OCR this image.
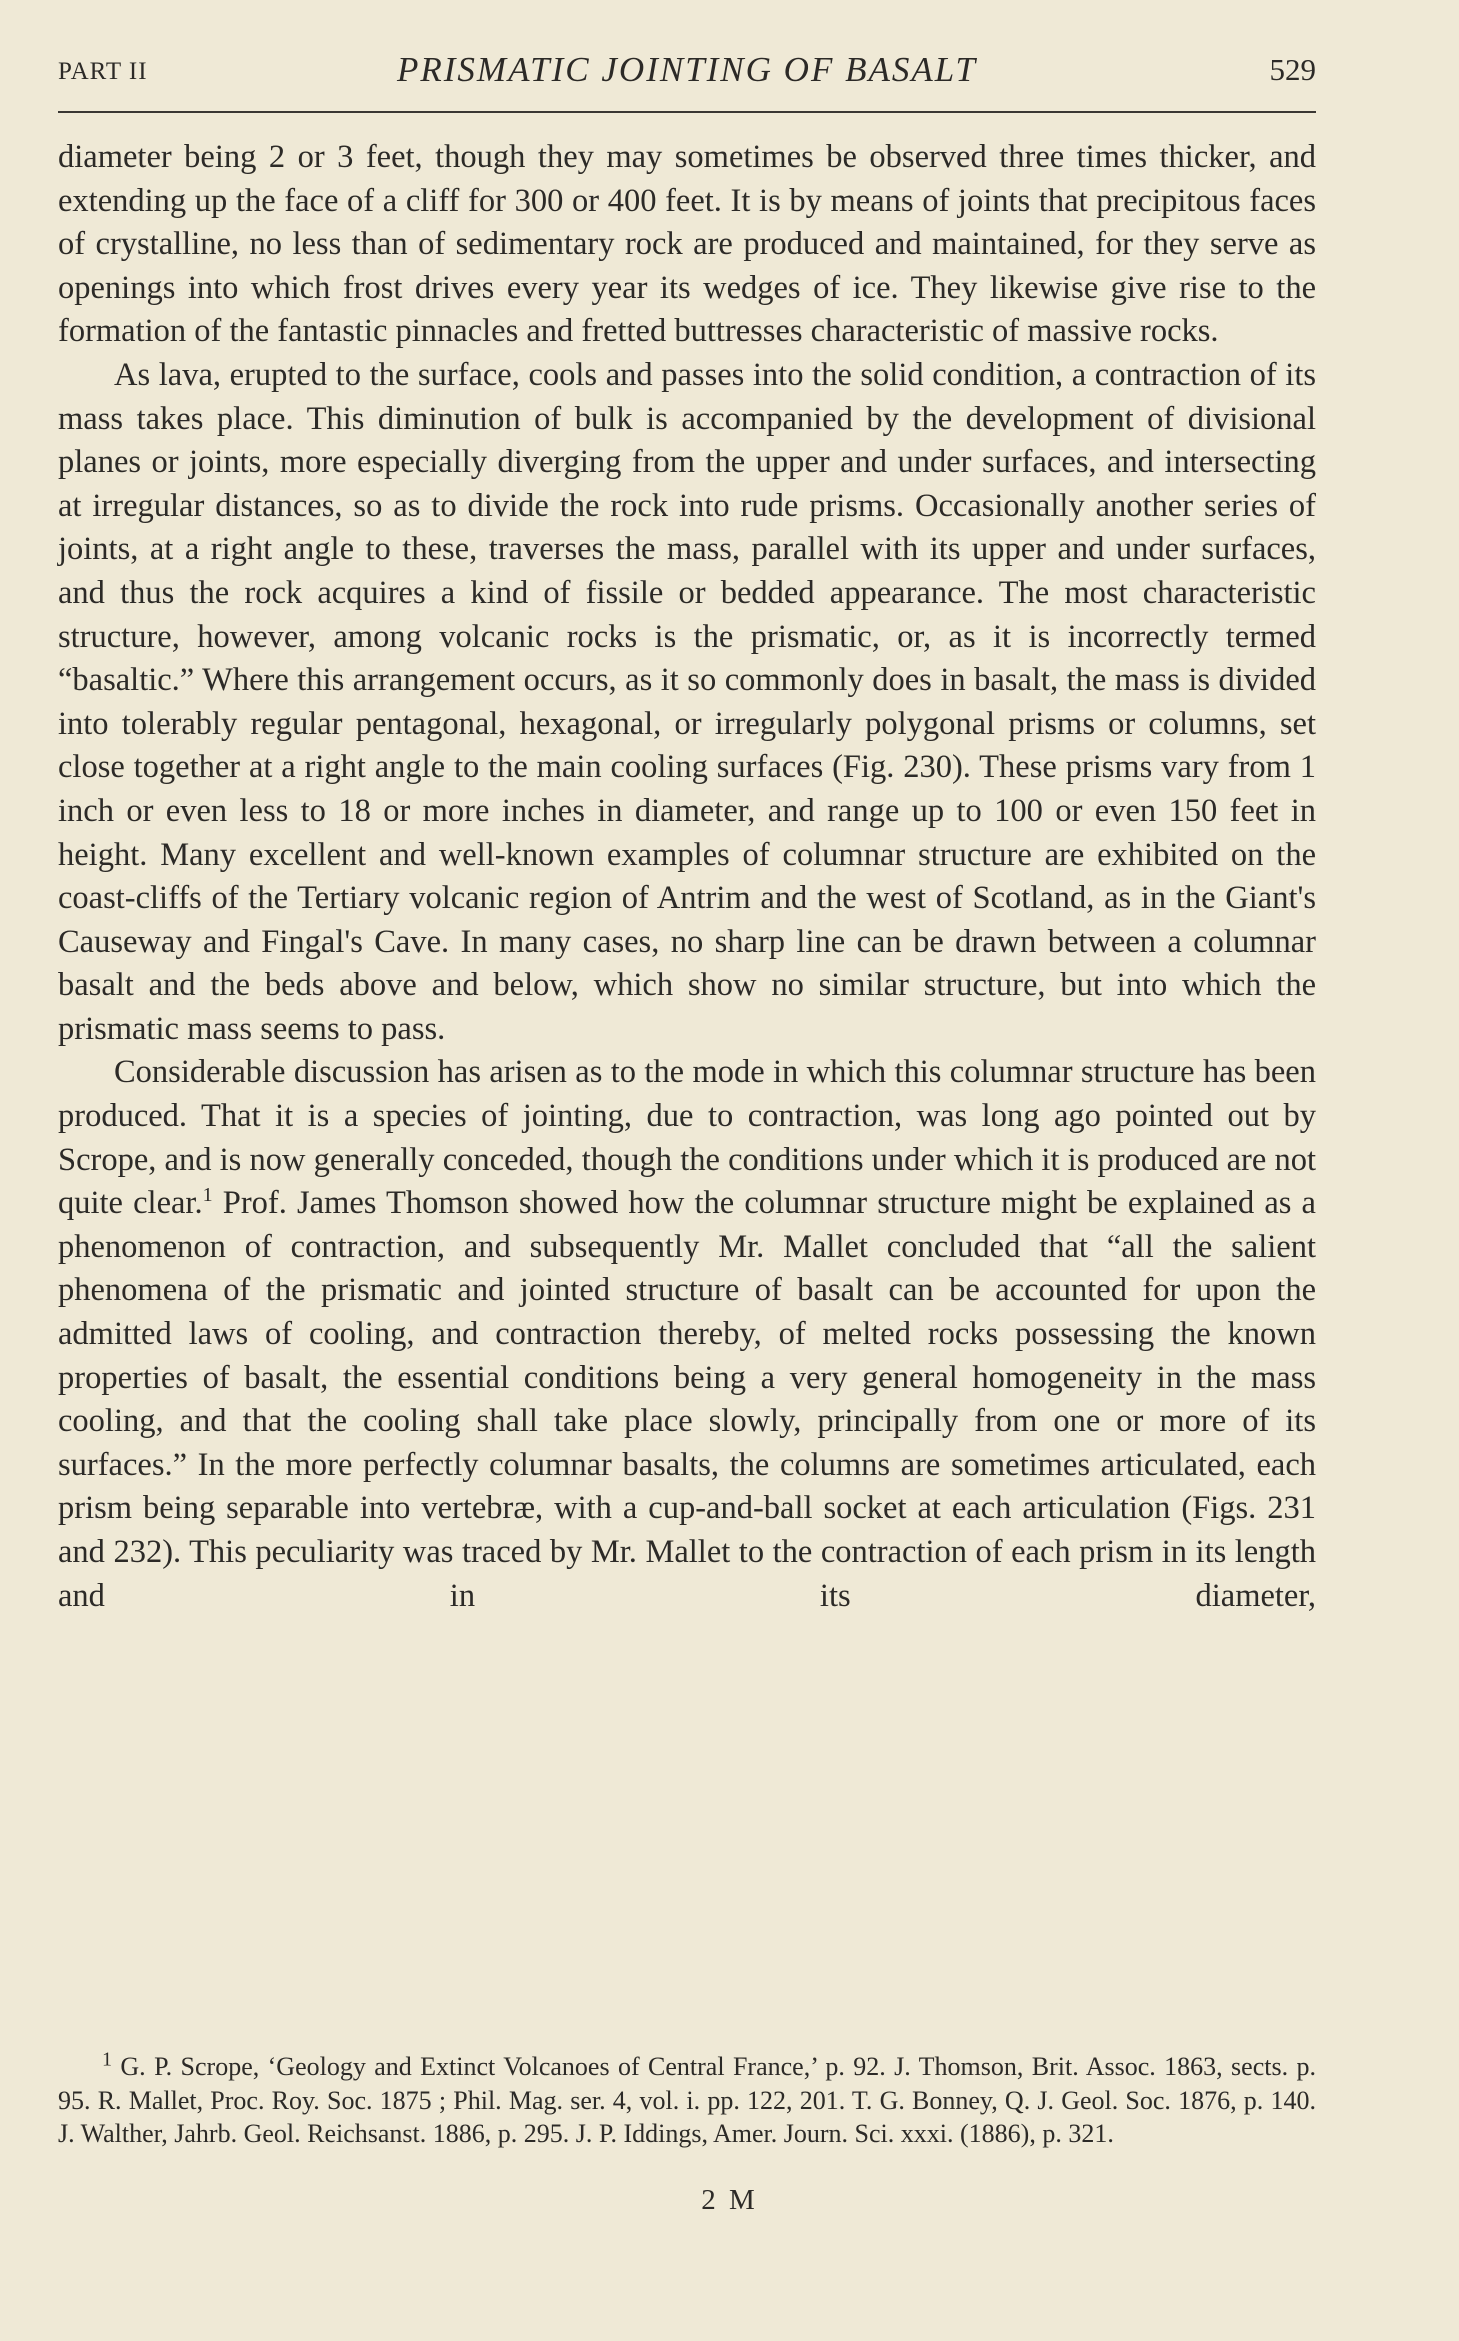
PART II	PRISMATIC JOINTING OF BASALT	529

diameter being 2 or 3 feet, though they may sometimes be observed three times thicker, and extending up the face of a cliff for 300 or 400 feet. It is by means of joints that precipitous faces of crystalline, no less than of sedimentary rock are produced and maintained, for they serve as openings into which frost drives every year its wedges of ice. They likewise give rise to the formation of the fantastic pinnacles and fretted buttresses characteristic of massive rocks.

As lava, erupted to the surface, cools and passes into the solid condition, a contraction of its mass takes place. This diminution of bulk is accompanied by the development of divisional planes or joints, more especially diverging from the upper and under surfaces, and intersecting at irregular distances, so as to divide the rock into rude prisms. Occasionally another series of joints, at a right angle to these, traverses the mass, parallel with its upper and under surfaces, and thus the rock acquires a kind of fissile or bedded appearance. The most characteristic structure, however, among volcanic rocks is the prismatic, or, as it is incorrectly termed “basaltic.” Where this arrangement occurs, as it so commonly does in basalt, the mass is divided into tolerably regular pentagonal, hexagonal, or irregularly polygonal prisms or columns, set close together at a right angle to the main cooling surfaces (Fig. 230). These prisms vary from 1 inch or even less to 18 or more inches in diameter, and range up to 100 or even 150 feet in height. Many excellent and well-known examples of columnar structure are exhibited on the coast-cliffs of the Tertiary volcanic region of Antrim and the west of Scotland, as in the Giant's Causeway and Fingal's Cave. In many cases, no sharp line can be drawn between a columnar basalt and the beds above and below, which show no similar structure, but into which the prismatic mass seems to pass.

Considerable discussion has arisen as to the mode in which this columnar structure has been produced. That it is a species of jointing, due to contraction, was long ago pointed out by Scrope, and is now generally conceded, though the conditions under which it is produced are not quite clear.$^1$ Prof. James Thomson showed how the columnar structure might be explained as a phenomenon of contraction, and subsequently Mr. Mallet concluded that “all the salient phenomena of the prismatic and jointed structure of basalt can be accounted for upon the admitted laws of cooling, and contraction thereby, of melted rocks possessing the known properties of basalt, the essential conditions being a very general homogeneity in the mass cooling, and that the cooling shall take place slowly, principally from one or more of its surfaces.” In the more perfectly columnar basalts, the columns are sometimes articulated, each prism being separable into vertebræ, with a cup-and-ball socket at each articulation (Figs. 231 and 232). This peculiarity was traced by Mr. Mallet to the contraction of each prism in its length and in its diameter,

$^1$ G. P. Scrope, ‘Geology and Extinct Volcanoes of Central France,’ p. 92. J. Thomson, Brit. Assoc. 1863, sects. p. 95. R. Mallet, Proc. Roy. Soc. 1875 ; Phil. Mag. ser. 4, vol. i. pp. 122, 201. T. G. Bonney, Q. J. Geol. Soc. 1876, p. 140. J. Walther, Jahrb. Geol. Reichsanst. 1886, p. 295. J. P. Iddings, Amer. Journ. Sci. xxxi. (1886), p. 321.

2 M
